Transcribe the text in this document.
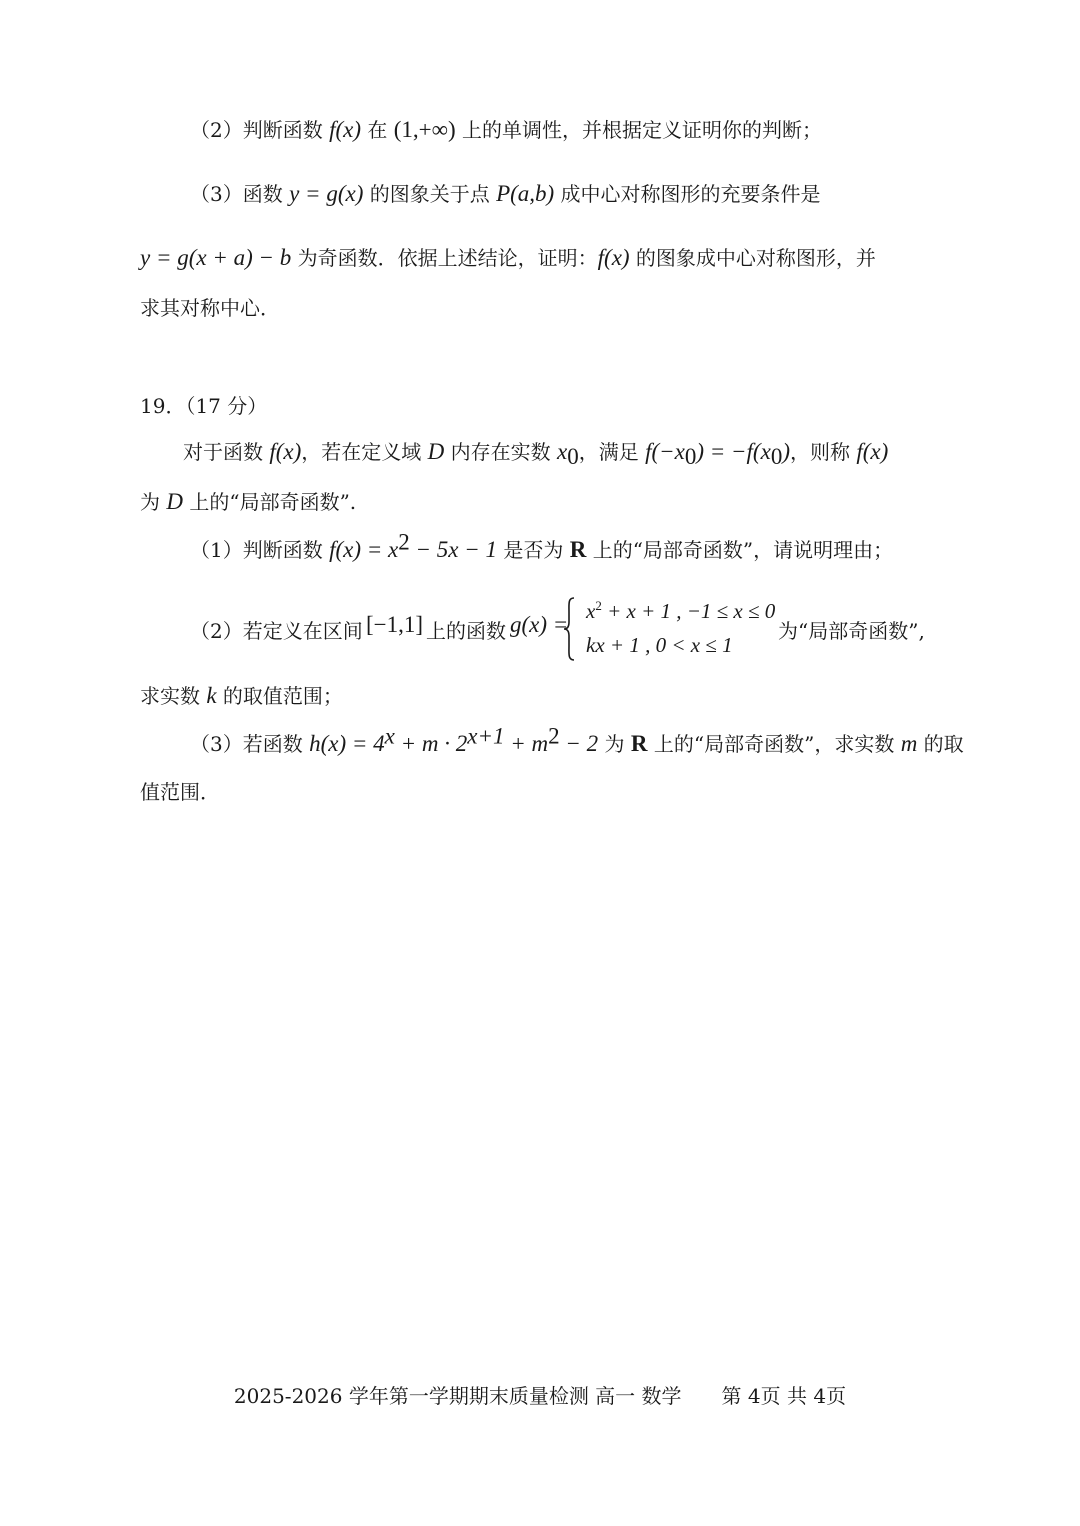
（2）判断函数 f(x) 在 (1,+∞) 上的单调性，并根据定义证明你的判断；
（3）函数 y = g(x) 的图象关于点 P(a,b) 成中心对称图形的充要条件是
y = g(x + a) − b 为奇函数．依据上述结论，证明：f(x) 的图象成中心对称图形，并
求其对称中心．
19．（17 分）
对于函数 f(x)，若在定义域 D 内存在实数 $x_0$，满足 $f(-x_0) = -f(x_0)$，则称 f(x)
为 D 上的“局部奇函数”.
（1）判断函数 $f(x) = x^2 - 5x - 1$ 是否为 R 上的“局部奇函数”，请说明理由；
（2）若定义在区间 [−1,1] 上的函数 g(x) =
$x^2 + x + 1$ , −1 ≤ x ≤ 0
kx + 1 , 0 < x ≤ 1
为“局部奇函数”,
求实数 k 的取值范围；
（3）若函数 $h(x) = 4^x + m \cdot 2^{x+1} + m^2 - 2$ 为 R 上的“局部奇函数”，求实数 m 的取
值范围．
2025-2026 学年第一学期期末质量检测 高一 数学 第 4页 共 4页
